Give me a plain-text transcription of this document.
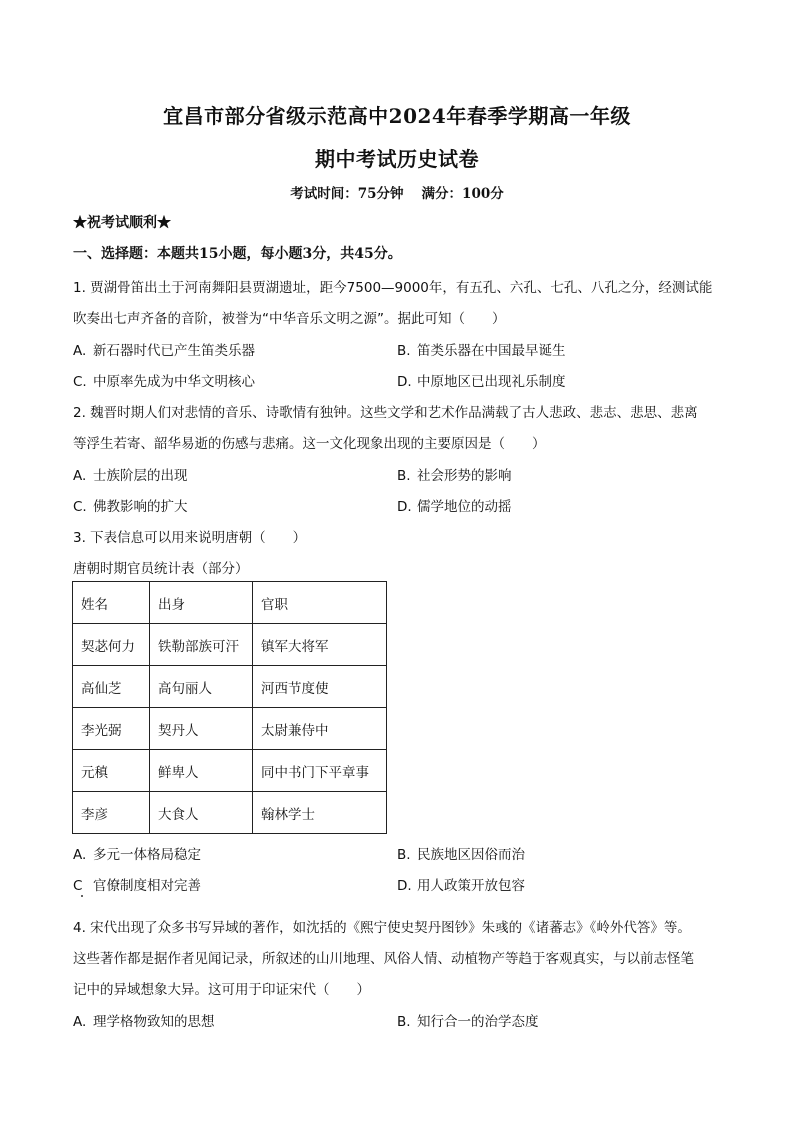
宜昌市部分省级示范高中2024年春季学期高一年级
期中考试历史试卷
考试时间：75分钟 满分：100分
★祝考试顺利★
一、选择题：本题共15小题，每小题3分，共45分。
1. 贾湖骨笛出土于河南舞阳县贾湖遗址，距今7500—9000年，有五孔、六孔、七孔、八孔之分，经测试能
吹奏出七声齐备的音阶，被誉为“中华音乐文明之源”。据此可知（　　）
A. 新石器时代已产生笛类乐器	B. 笛类乐器在中国最早诞生
C. 中原率先成为中华文明核心	D. 中原地区已出现礼乐制度
2. 魏晋时期人们对悲情的音乐、诗歌情有独钟。这些文学和艺术作品满载了古人悲政、悲志、悲思、悲离
等浮生若寄、韶华易逝的伤感与悲痛。这一文化现象出现的主要原因是（　　）
A. 士族阶层的出现	B. 社会形势的影响
C. 佛教影响的扩大	D. 儒学地位的动摇
3. 下表信息可以用来说明唐朝（　　）
唐朝时期官员统计表（部分）
姓名	出身	官职
契苾何力	铁勒部族可汗	镇军大将军
高仙芝	高句丽人	河西节度使
李光弼	契丹人	太尉兼侍中
元稹	鲜卑人	同中书门下平章事
李彦	大食人	翰林学士
A. 多元一体格局稳定	B. 民族地区因俗而治
C 官僚制度相对完善	D. 用人政策开放包容
4. 宋代出现了众多书写异域的著作，如沈括的《熙宁使史契丹图钞》朱彧的《诸蕃志》《岭外代答》等。
这些著作都是据作者见闻记录，所叙述的山川地理、风俗人情、动植物产等趋于客观真实，与以前志怪笔
记中的异域想象大异。这可用于印证宋代（　　）
A. 理学格物致知的思想	B. 知行合一的治学态度
